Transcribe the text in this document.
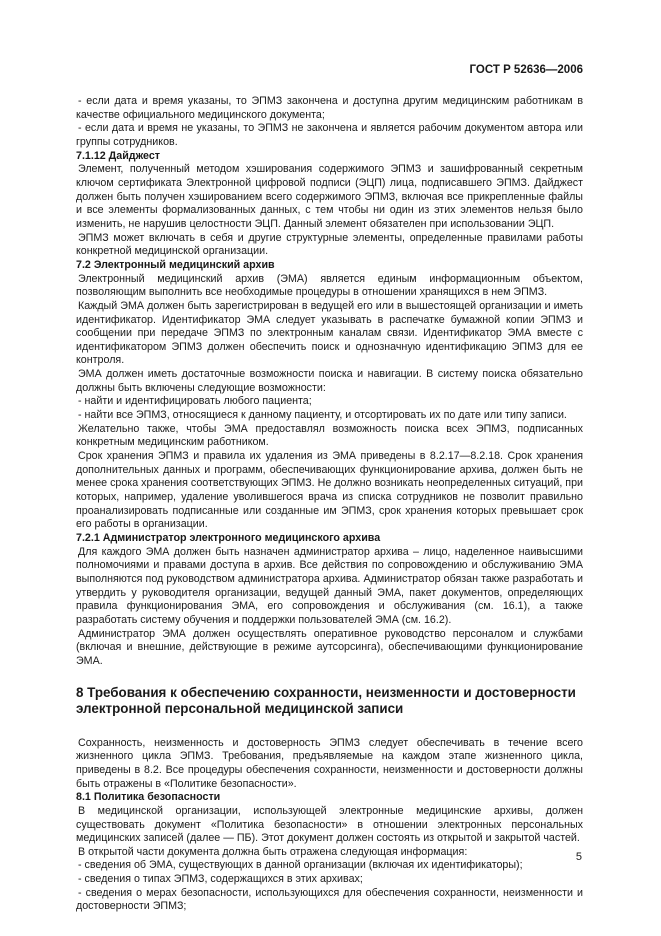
ГОСТ Р 52636—2006

- если дата и время указаны, то ЭПМЗ закончена и доступна другим медицинским работникам в качестве официального медицинского документа;

- если дата и время не указаны, то ЭПМЗ не закончена и является рабочим документом автора или группы сотрудников.

7.1.12 Дайджест

Элемент, полученный методом хэширования содержимого ЭПМЗ и зашифрованный секретным ключом сертификата Электронной цифровой подписи (ЭЦП) лица, подписавшего ЭПМЗ. Дайджест должен быть получен хэшированием всего содержимого ЭПМЗ, включая все прикрепленные файлы и все элементы формализованных данных, с тем чтобы ни один из этих элементов нельзя было изменить, не нарушив целостности ЭЦП. Данный элемент обязателен при использовании ЭЦП.

ЭПМЗ может включать в себя и другие структурные элементы, определенные правилами работы конкретной медицинской организации.

7.2 Электронный медицинский архив

Электронный медицинский архив (ЭМА) является единым информационным объектом, позволяющим выполнить все необходимые процедуры в отношении хранящихся в нем ЭПМЗ.

Каждый ЭМА должен быть зарегистрирован в ведущей его или в вышестоящей организации и иметь идентификатор. Идентификатор ЭМА следует указывать в распечатке бумажной копии ЭПМЗ и сообщении при передаче ЭПМЗ по электронным каналам связи. Идентификатор ЭМА вместе с идентификатором ЭПМЗ должен обеспечить поиск и однозначную идентификацию ЭПМЗ для ее контроля.

ЭМА должен иметь достаточные возможности поиска и навигации. В систему поиска обязательно должны быть включены следующие возможности:

- найти и идентифицировать любого пациента;

- найти все ЭПМЗ, относящиеся к данному пациенту, и отсортировать их по дате или типу записи.

Желательно также, чтобы ЭМА предоставлял возможность поиска всех ЭПМЗ, подписанных конкретным медицинским работником.

Срок хранения ЭПМЗ и правила их удаления из ЭМА приведены в 8.2.17—8.2.18. Срок хранения дополнительных данных и программ, обеспечивающих функционирование архива, должен быть не менее срока хранения соответствующих ЭПМЗ. Не должно возникать неопределенных ситуаций, при которых, например, удаление уволившегося врача из списка сотрудников не позволит правильно проанализировать подписанные или созданные им ЭПМЗ, срок хранения которых превышает срок его работы в организации.

7.2.1 Администратор электронного медицинского архива

Для каждого ЭМА должен быть назначен администратор архива – лицо, наделенное наивысшими полномочиями и правами доступа в архив. Все действия по сопровождению и обслуживанию ЭМА выполняются под руководством администратора архива. Администратор обязан также разработать и утвердить у руководителя организации, ведущей данный ЭМА, пакет документов, определяющих правила функционирования ЭМА, его сопровождения и обслуживания (см. 16.1), а также разработать систему обучения и поддержки пользователей ЭМА (см. 16.2).

Администратор ЭМА должен осуществлять оперативное руководство персоналом и службами (включая и внешние, действующие в режиме аутсорсинга), обеспечивающими функционирование ЭМА.

8 Требования к обеспечению сохранности, неизменности и достоверности электронной персональной медицинской записи

Сохранность, неизменность и достоверность ЭПМЗ следует обеспечивать в течение всего жизненного цикла ЭПМЗ. Требования, предъявляемые на каждом этапе жизненного цикла, приведены в 8.2. Все процедуры обеспечения сохранности, неизменности и достоверности должны быть отражены в «Политике безопасности».

8.1 Политика безопасности

В медицинской организации, использующей электронные медицинские архивы, должен существовать документ «Политика безопасности» в отношении электронных персональных медицинских записей (далее — ПБ). Этот документ должен состоять из открытой и закрытой частей.

В открытой части документа должна быть отражена следующая информация:

- сведения об ЭМА, существующих в данной организации (включая их идентификаторы);

- сведения о типах ЭПМЗ, содержащихся в этих архивах;

- сведения о мерах безопасности, использующихся для обеспечения сохранности, неизменности и достоверности ЭПМЗ;

5
